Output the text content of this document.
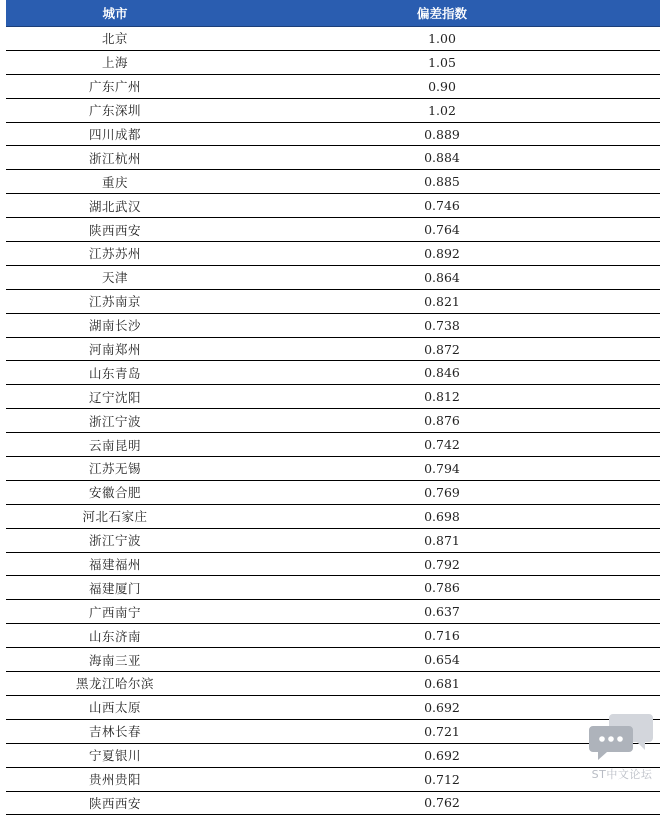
城市	偏差指数
北京	1.00
上海	1.05
广东广州	0.90
广东深圳	1.02
四川成都	0.889
浙江杭州	0.884
重庆	0.885
湖北武汉	0.746
陕西西安	0.764
江苏苏州	0.892
天津	0.864
江苏南京	0.821
湖南长沙	0.738
河南郑州	0.872
山东青岛	0.846
辽宁沈阳	0.812
浙江宁波	0.876
云南昆明	0.742
江苏无锡	0.794
安徽合肥	0.769
河北石家庄	0.698
浙江宁波	0.871
福建福州	0.792
福建厦门	0.786
广西南宁	0.637
山东济南	0.716
海南三亚	0.654
黑龙江哈尔滨	0.681
山西太原	0.692
吉林长春	0.721
宁夏银川	0.692
贵州贵阳	0.712
陕西西安	0.762
ST中文论坛
